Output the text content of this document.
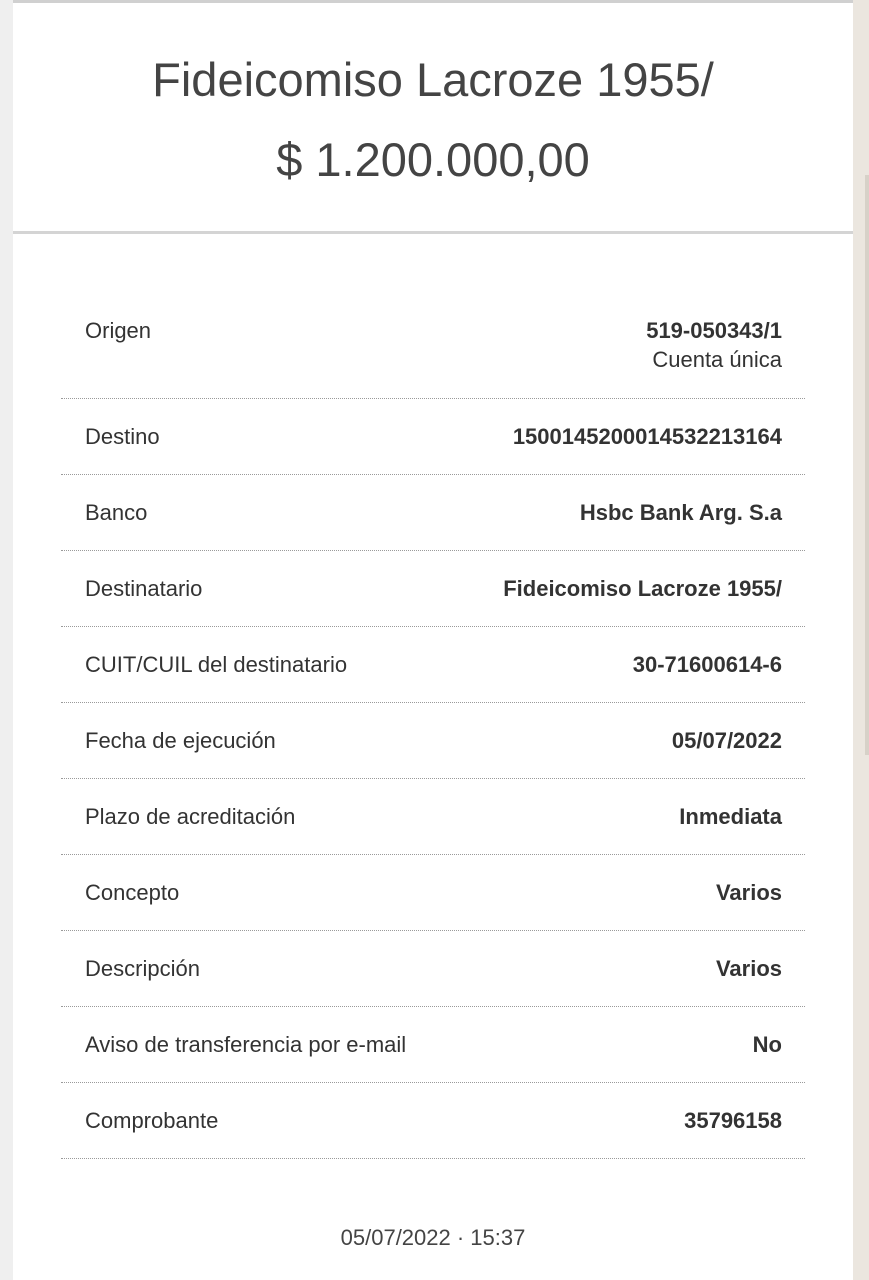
Fideicomiso Lacroze 1955/
$ 1.200.000,00
Origen	519-050343/1
Cuenta única
Destino	1500145200014532213164
Banco	Hsbc Bank Arg. S.a
Destinatario	Fideicomiso Lacroze 1955/
CUIT/CUIL del destinatario	30-71600614-6
Fecha de ejecución	05/07/2022
Plazo de acreditación	Inmediata
Concepto	Varios
Descripción	Varios
Aviso de transferencia por e-mail	No
Comprobante	35796158
05/07/2022 · 15:37
